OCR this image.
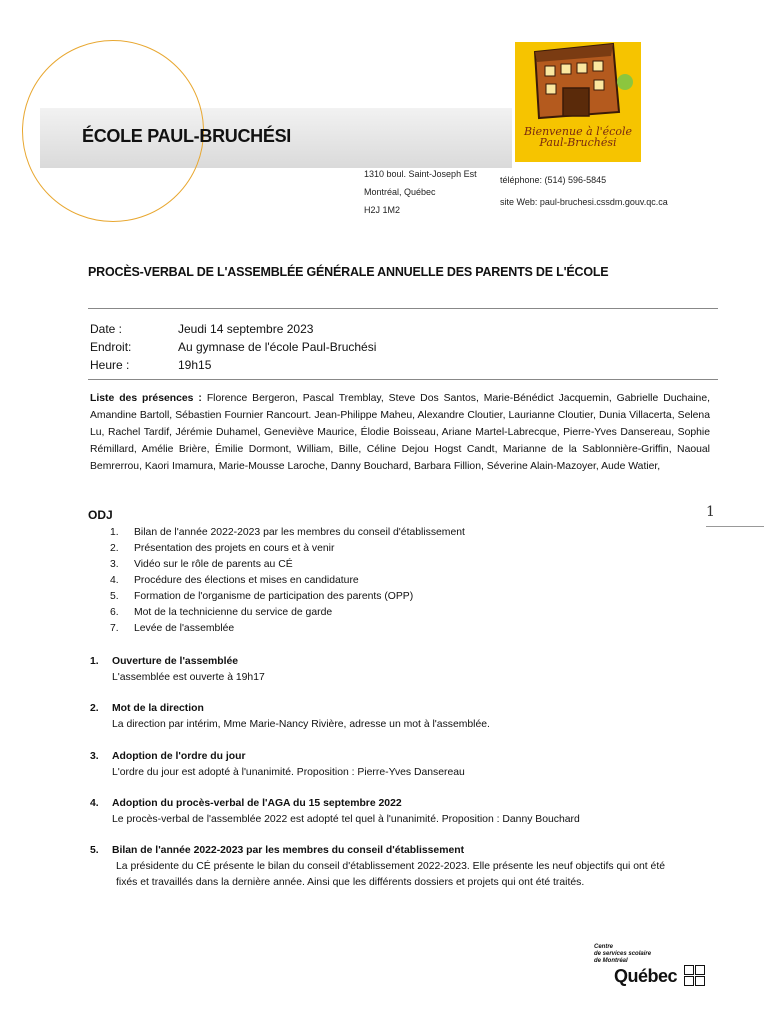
ÉCOLE PAUL-BRUCHÉSI	Bienvenue à l'école
Paul-Bruchési
1310 boul. Saint-Joseph Est
Montréal, Québec
H2J 1M2
téléphone: (514) 596-5845
site Web: paul-bruchesi.cssdm.gouv.qc.ca
PROCÈS-VERBAL DE L'ASSEMBLÉE GÉNÉRALE ANNUELLE DES PARENTS DE L'ÉCOLE
Date :	Jeudi 14 septembre 2023
Endroit:	Au gymnase de l'école Paul-Bruchési
Heure :	19h15
Liste des présences : Florence Bergeron, Pascal Tremblay, Steve Dos Santos, Marie-Bénédict Jacquemin, Gabrielle Duchaine, Amandine Bartoll, Sébastien Fournier Rancourt. Jean-Philippe Maheu, Alexandre Cloutier, Laurianne Cloutier, Dunia Villacerta, Selena Lu, Rachel Tardif, Jérémie Duhamel, Geneviève Maurice, Élodie Boisseau, Ariane Martel-Labrecque, Pierre-Yves Dansereau, Sophie Rémillard, Amélie Brière, Émilie Dormont, William, Bille, Céline Dejou Hogst Candt, Marianne de la Sablonnière-Griffin, Naoual Bemrerrou, Kaori Imamura, Marie-Mousse Laroche, Danny Bouchard, Barbara Fillion, Séverine Alain-Mazoyer, Aude Watier,
ODJ	1
1.	Bilan de l'année 2022-2023 par les membres du conseil d'établissement
2.	Présentation des projets en cours et à venir
3.	Vidéo sur le rôle de parents au CÉ
4.	Procédure des élections et mises en candidature
5.	Formation de l'organisme de participation des parents (OPP)
6.	Mot de la technicienne du service de garde
7.	Levée de l'assemblée
1.	Ouverture de l'assemblée
L'assemblée est ouverte à 19h17
2.	Mot de la direction
La direction par intérim, Mme Marie-Nancy Rivière, adresse un mot à l'assemblée.
3.	Adoption de l'ordre du jour
L'ordre du jour est adopté à l'unanimité. Proposition : Pierre-Yves Dansereau
4.	Adoption du procès-verbal de l'AGA du 15 septembre 2022
Le procès-verbal de l'assemblée 2022 est adopté tel quel à l'unanimité. Proposition : Danny Bouchard
5.	Bilan de l'année 2022-2023 par les membres du conseil d'établissement
La présidente du CÉ présente le bilan du conseil d'établissement 2022-2023. Elle présente les neuf objectifs qui ont été fixés et travaillés dans la dernière année. Ainsi que les différents dossiers et projets qui ont été traités.
Centre
de services scolaire
de Montréal
Québec
